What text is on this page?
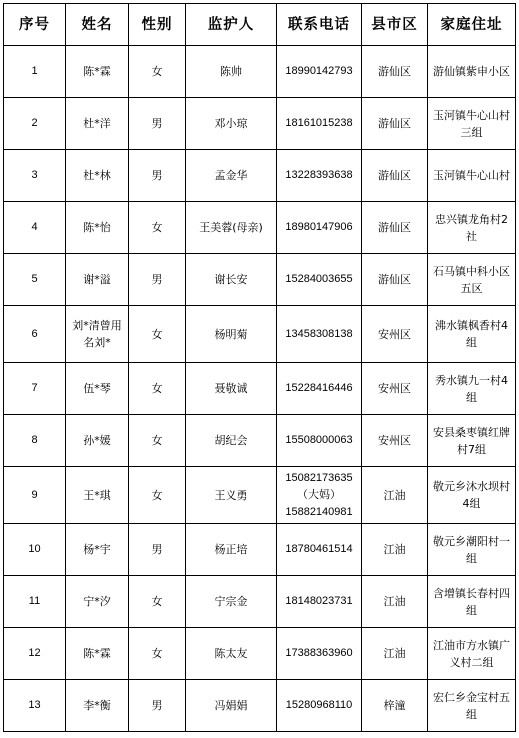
序号	姓名	性别	监护人	联系电话	县市区	家庭住址
1	陈*霖	女	陈帅	18990142793	游仙区	游仙镇紫申小区
2	杜*洋	男	邓小琼	18161015238	游仙区	玉河镇牛心山村三组
3	杜*林	男	孟金华	13228393638	游仙区	玉河镇牛心山村
4	陈*怡	女	王美蓉(母亲)	18980147906	游仙区	忠兴镇龙角村2社
5	谢*溢	男	谢长安	15284003655	游仙区	石马镇中科小区五区
6	刘*清曾用名刘*	女	杨明菊	13458308138	安州区	沸水镇枫香村4组
7	伍*琴	女	聂敬诚	15228416446	安州区	秀水镇九一村4组
8	孙*媛	女	胡纪会	15508000063	安州区	安县桑枣镇红牌村7组
9	王*琪	女	王义勇	15082173635（大妈）15882140981	江油	敬元乡沐水坝村4组
10	杨*宇	男	杨正培	18780461514	江油	敬元乡潮阳村一组
11	宁*汐	女	宁宗金	18148023731	江油	含增镇长春村四组
12	陈*霖	女	陈太友	17388363960	江油	江油市方水镇广义村二组
13	李*衡	男	冯娟娟	15280968110	梓潼	宏仁乡金宝村五组
